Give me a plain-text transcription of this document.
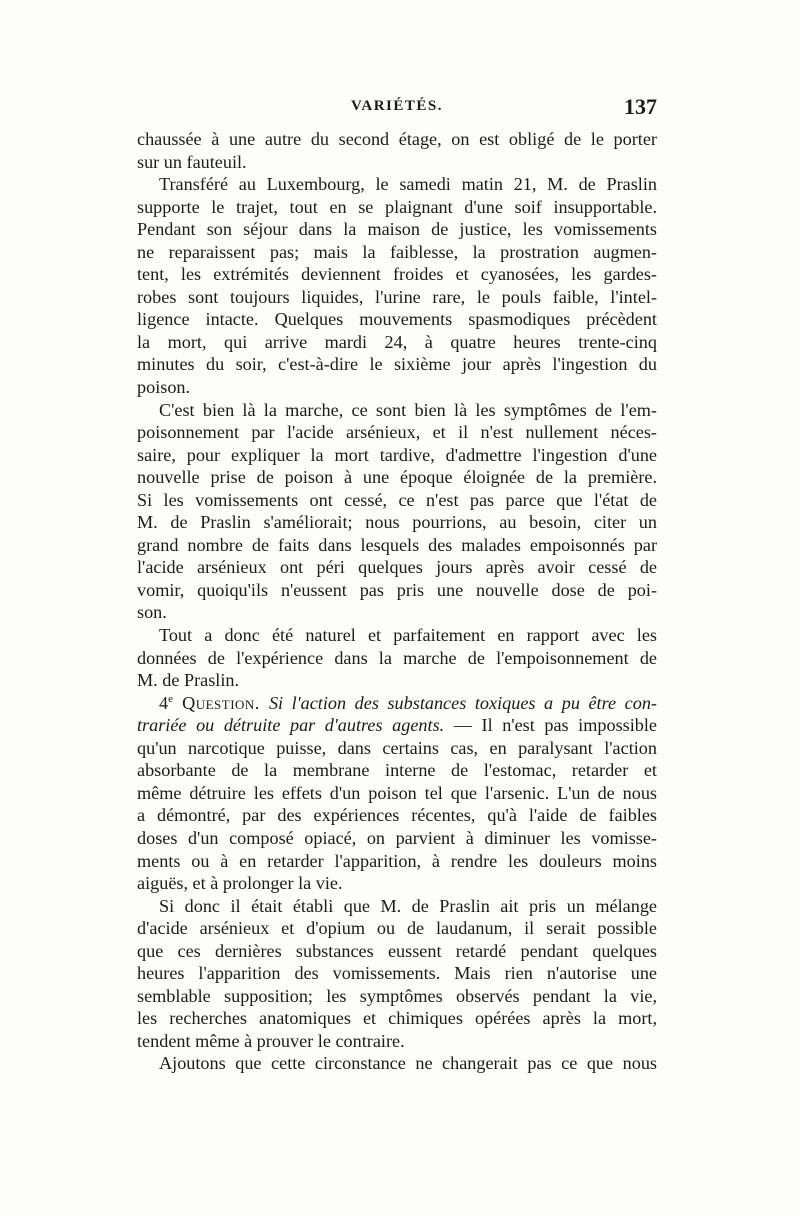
VARIÉTÉS.	137
chaussée à une autre du second étage, on est obligé de le porter
sur un fauteuil.
Transféré au Luxembourg, le samedi matin 21, M. de Praslin
supporte le trajet, tout en se plaignant d'une soif insupportable.
Pendant son séjour dans la maison de justice, les vomissements
ne reparaissent pas; mais la faiblesse, la prostration augmen-
tent, les extrémités deviennent froides et cyanosées, les gardes-
robes sont toujours liquides, l'urine rare, le pouls faible, l'intel-
ligence intacte. Quelques mouvements spasmodiques précèdent
la mort, qui arrive mardi 24, à quatre heures trente-cinq
minutes du soir, c'est-à-dire le sixième jour après l'ingestion du
poison.
C'est bien là la marche, ce sont bien là les symptômes de l'em-
poisonnement par l'acide arsénieux, et il n'est nullement néces-
saire, pour expliquer la mort tardive, d'admettre l'ingestion d'une
nouvelle prise de poison à une époque éloignée de la première.
Si les vomissements ont cessé, ce n'est pas parce que l'état de
M. de Praslin s'améliorait; nous pourrions, au besoin, citer un
grand nombre de faits dans lesquels des malades empoisonnés par
l'acide arsénieux ont péri quelques jours après avoir cessé de
vomir, quoiqu'ils n'eussent pas pris une nouvelle dose de poi-
son.
Tout a donc été naturel et parfaitement en rapport avec les
données de l'expérience dans la marche de l'empoisonnement de
M. de Praslin.
4e Question. Si l'action des substances toxiques a pu être con-
trariée ou détruite par d'autres agents. — Il n'est pas impossible
qu'un narcotique puisse, dans certains cas, en paralysant l'action
absorbante de la membrane interne de l'estomac, retarder et
même détruire les effets d'un poison tel que l'arsenic. L'un de nous
a démontré, par des expériences récentes, qu'à l'aide de faibles
doses d'un composé opiacé, on parvient à diminuer les vomisse-
ments ou à en retarder l'apparition, à rendre les douleurs moins
aiguës, et à prolonger la vie.
Si donc il était établi que M. de Praslin ait pris un mélange
d'acide arsénieux et d'opium ou de laudanum, il serait possible
que ces dernières substances eussent retardé pendant quelques
heures l'apparition des vomissements. Mais rien n'autorise une
semblable supposition; les symptômes observés pendant la vie,
les recherches anatomiques et chimiques opérées après la mort,
tendent même à prouver le contraire.
Ajoutons que cette circonstance ne changerait pas ce que nous
